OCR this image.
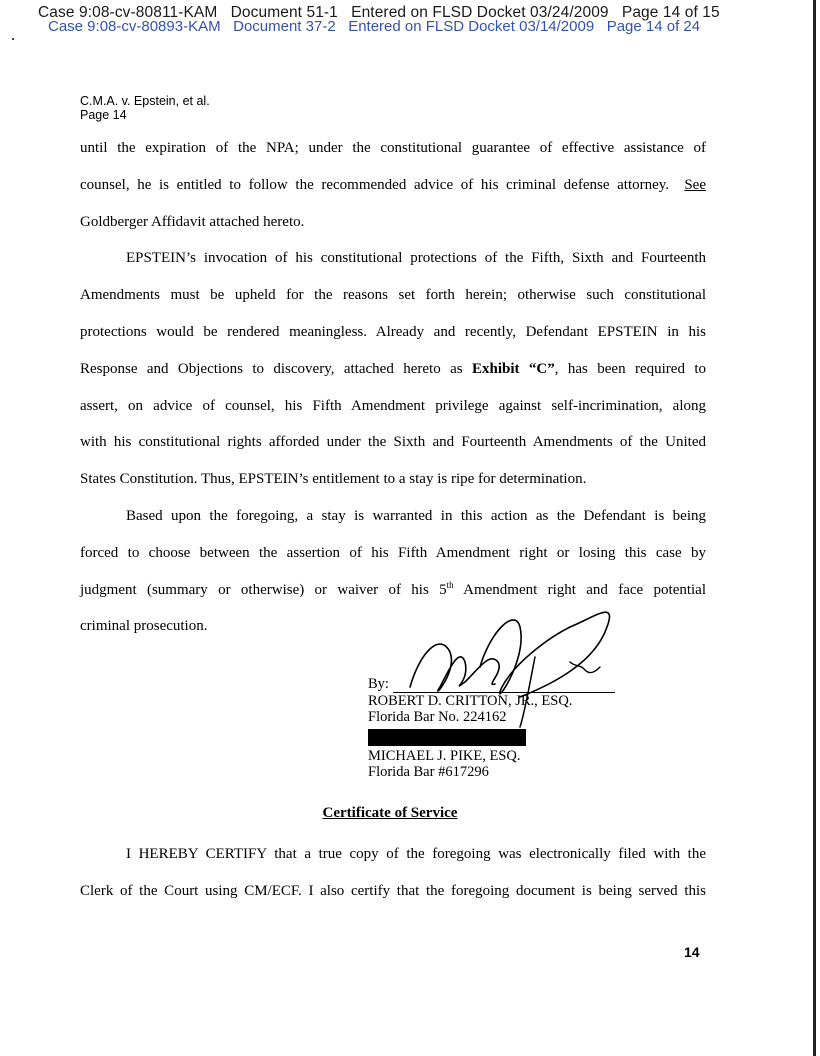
Case 9:08-cv-80811-KAM Document 51-1 Entered on FLSD Docket 03/24/2009 Page 14 of 15
Case 9:08-cv-80893-KAM Document 37-2 Entered on FLSD Docket 03/14/2009 Page 14 of 24
C.M.A. v. Epstein, et al.
Page 14
until the expiration of the NPA; under the constitutional guarantee of effective assistance of
counsel, he is entitled to follow the recommended advice of his criminal defense attorney. See
Goldberger Affidavit attached hereto.
EPSTEIN’s invocation of his constitutional protections of the Fifth, Sixth and Fourteenth
Amendments must be upheld for the reasons set forth herein; otherwise such constitutional
protections would be rendered meaningless. Already and recently, Defendant EPSTEIN in his
Response and Objections to discovery, attached hereto as Exhibit “C”, has been required to
assert, on advice of counsel, his Fifth Amendment privilege against self-incrimination, along
with his constitutional rights afforded under the Sixth and Fourteenth Amendments of the United
States Constitution. Thus, EPSTEIN’s entitlement to a stay is ripe for determination.
Based upon the foregoing, a stay is warranted in this action as the Defendant is being
forced to choose between the assertion of his Fifth Amendment right or losing this case by
judgment (summary or otherwise) or waiver of his 5th Amendment right and face potential
criminal prosecution.
By:
ROBERT D. CRITTON, JR., ESQ.
Florida Bar No. 224162
MICHAEL J. PIKE, ESQ.
Florida Bar #617296
Certificate of Service
I HEREBY CERTIFY that a true copy of the foregoing was electronically filed with the
Clerk of the Court using CM/ECF. I also certify that the foregoing document is being served this
14
